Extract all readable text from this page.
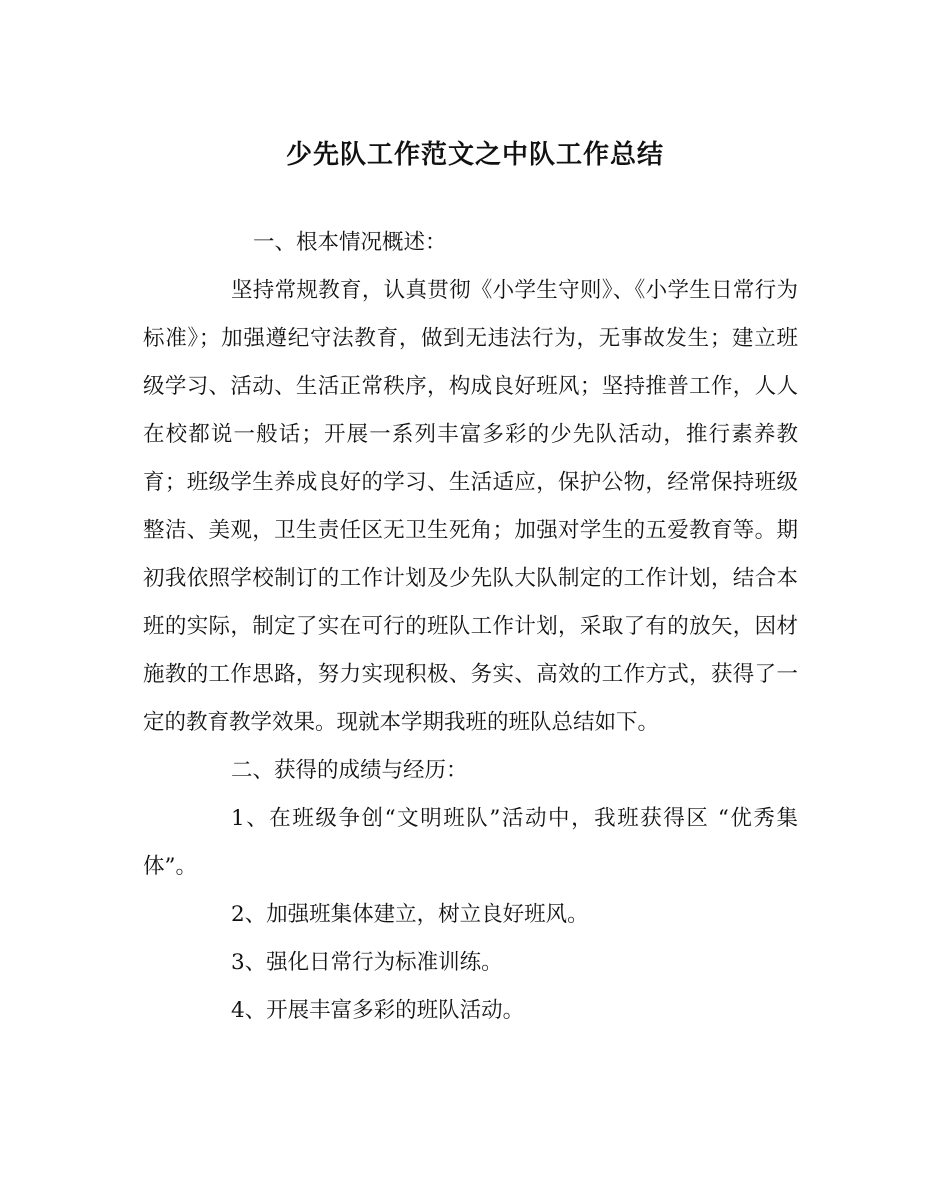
少先队工作范文之中队工作总结

一、根本情况概述：

坚持常规教育，认真贯彻《小学生守则》、《小学生日常行为标准》；加强遵纪守法教育，做到无违法行为，无事故发生；建立班级学习、活动、生活正常秩序，构成良好班风；坚持推普工作，人人在校都说一般话；开展一系列丰富多彩的少先队活动，推行素养教育；班级学生养成良好的学习、生活适应，保护公物，经常保持班级整洁、美观，卫生责任区无卫生死角；加强对学生的五爱教育等。期初我依照学校制订的工作计划及少先队大队制定的工作计划，结合本班的实际，制定了实在可行的班队工作计划，采取了有的放矢，因材施教的工作思路，努力实现积极、务实、高效的工作方式，获得了一定的教育教学效果。现就本学期我班的班队总结如下。

二、获得的成绩与经历：

1、在班级争创“文明班队”活动中，我班获得区 “优秀集体”。

2、加强班集体建立，树立良好班风。

3、强化日常行为标准训练。

4、开展丰富多彩的班队活动。
